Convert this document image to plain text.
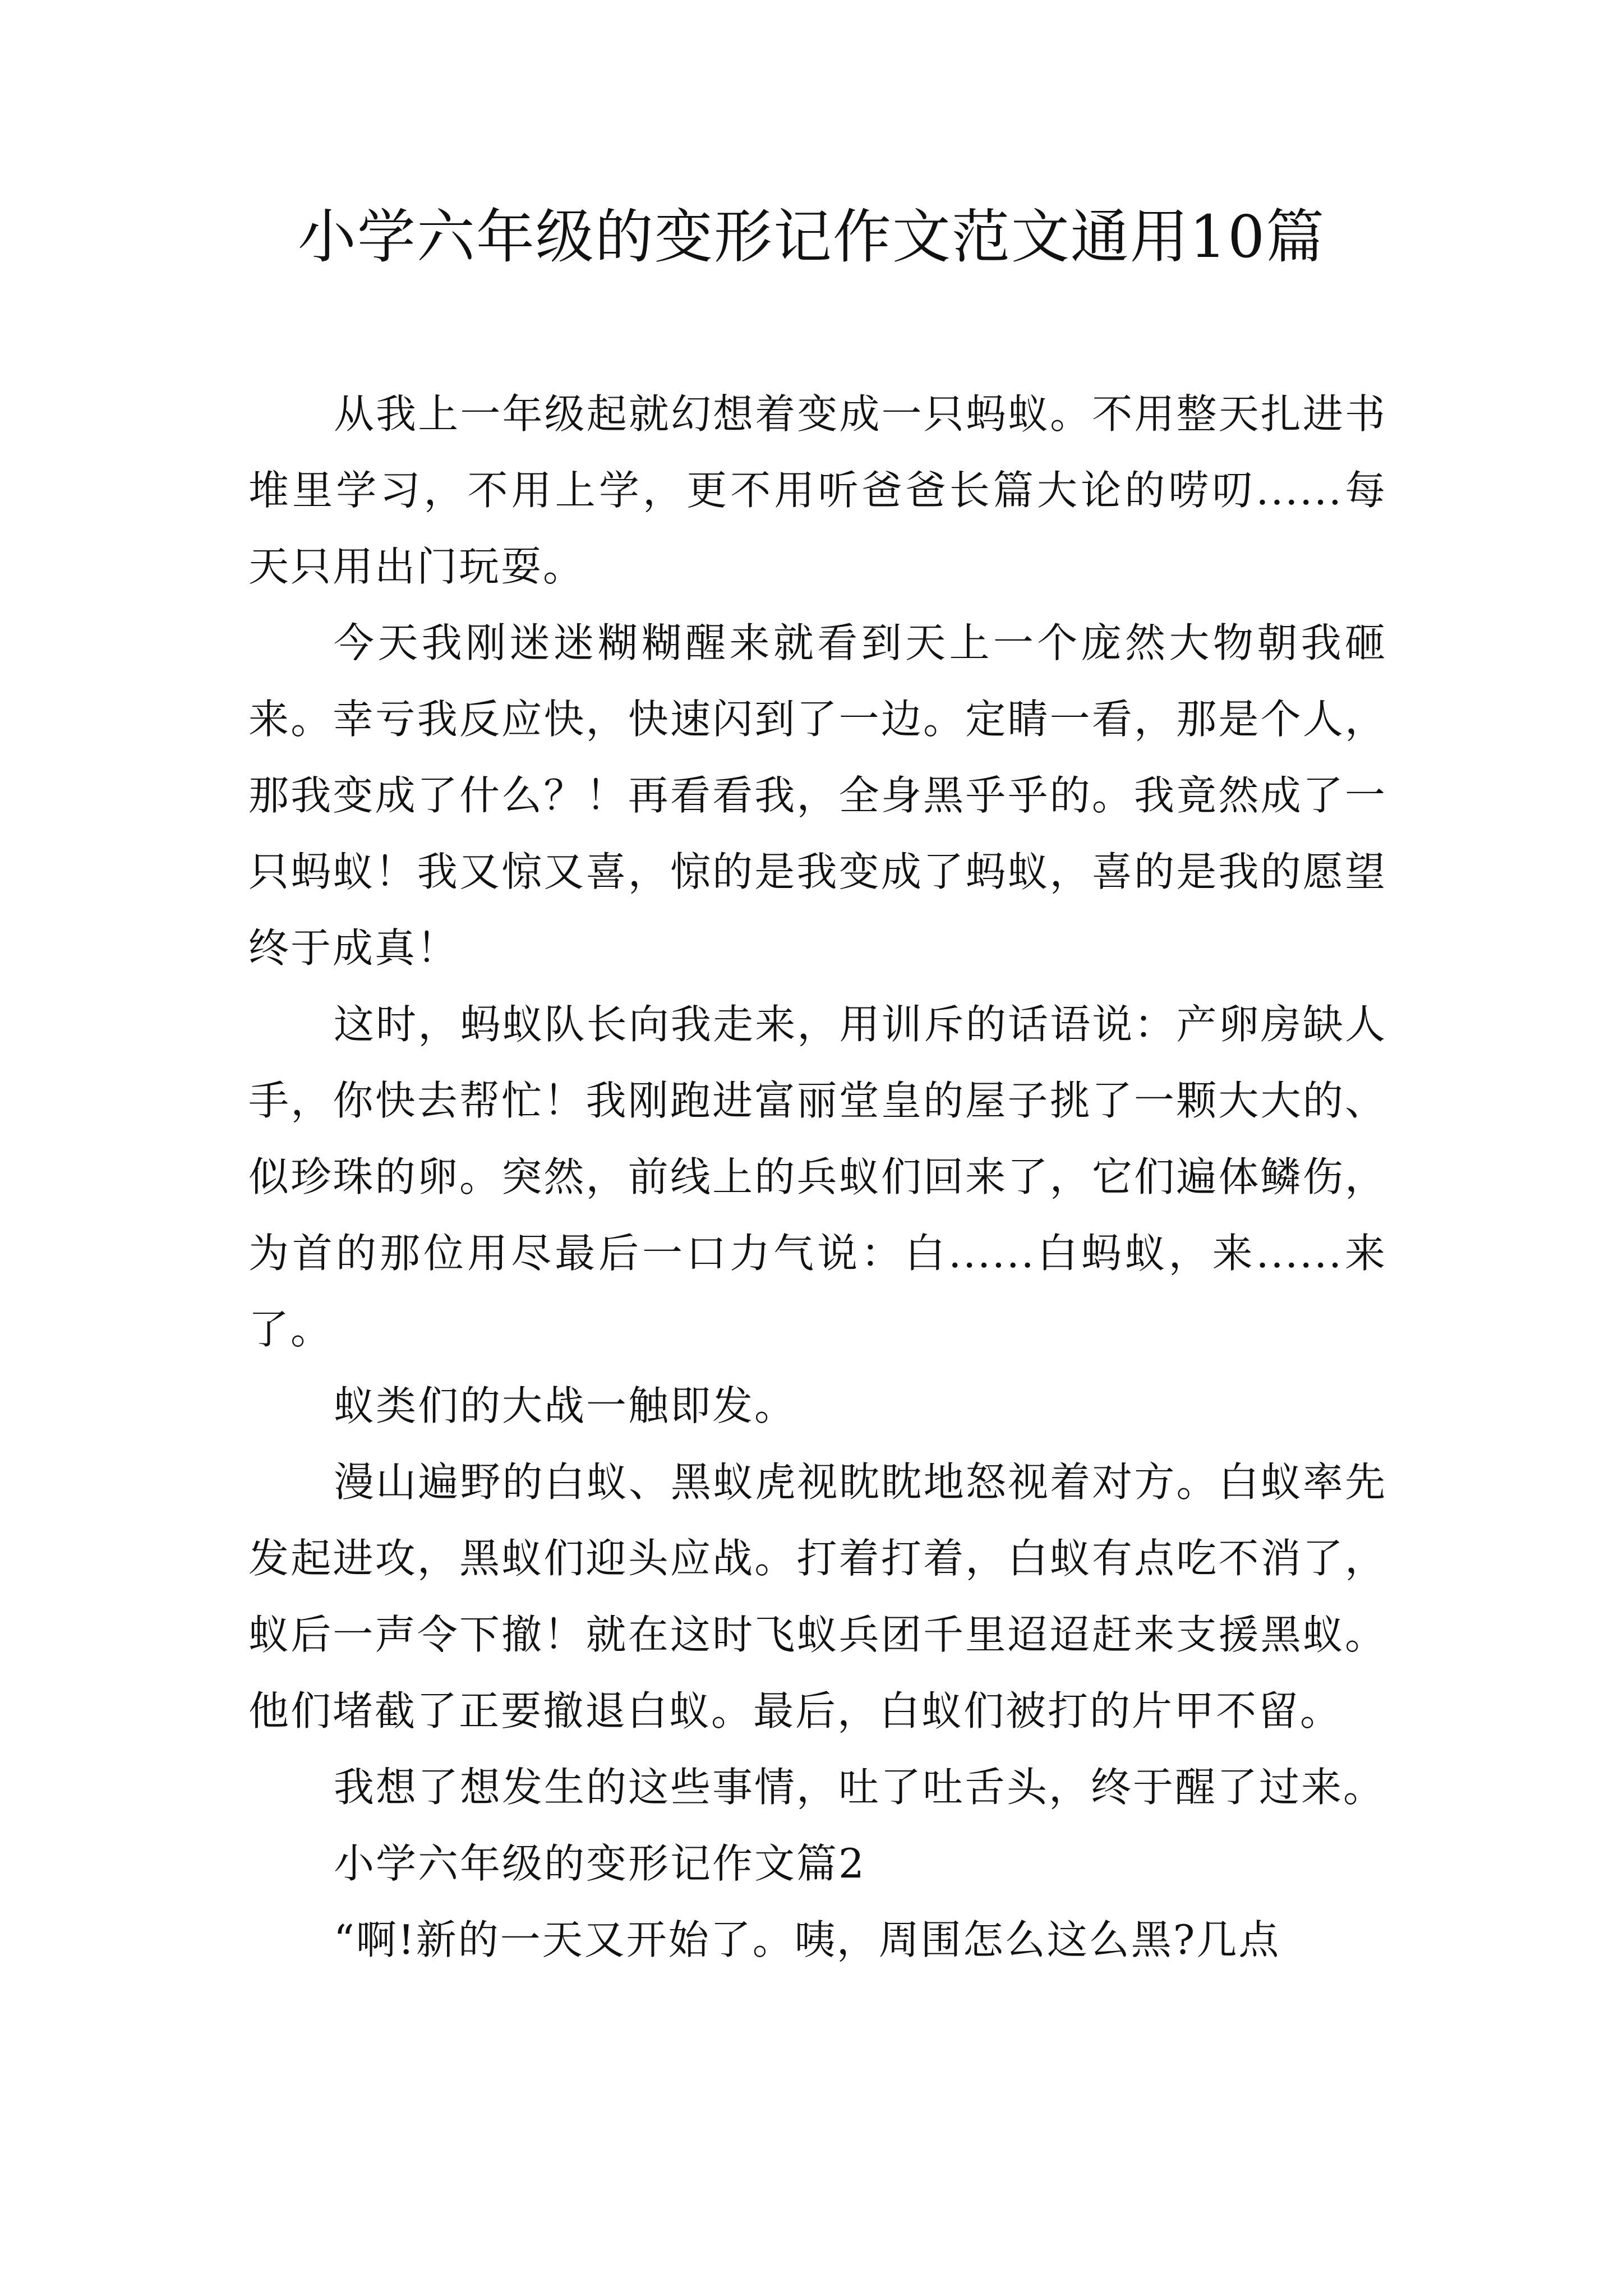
小学六年级的变形记作文范文通用10篇

从我上一年级起就幻想着变成一只蚂蚁。不用整天扎进书堆里学习，不用上学，更不用听爸爸长篇大论的唠叨......每天只用出门玩耍。

今天我刚迷迷糊糊醒来就看到天上一个庞然大物朝我砸来。幸亏我反应快，快速闪到了一边。定睛一看，那是个人，那我变成了什么？！再看看我，全身黑乎乎的。我竟然成了一只蚂蚁！我又惊又喜，惊的是我变成了蚂蚁，喜的是我的愿望终于成真！

这时，蚂蚁队长向我走来，用训斥的话语说：产卵房缺人手，你快去帮忙！我刚跑进富丽堂皇的屋子挑了一颗大大的、似珍珠的卵。突然，前线上的兵蚁们回来了，它们遍体鳞伤，为首的那位用尽最后一口力气说：白......白蚂蚁，来......来了。

蚁类们的大战一触即发。

漫山遍野的白蚁、黑蚁虎视眈眈地怒视着对方。白蚁率先发起进攻，黑蚁们迎头应战。打着打着，白蚁有点吃不消了，蚁后一声令下撤！就在这时飞蚁兵团千里迢迢赶来支援黑蚁。他们堵截了正要撤退白蚁。最后，白蚁们被打的片甲不留。

我想了想发生的这些事情，吐了吐舌头，终于醒了过来。

小学六年级的变形记作文篇2

“啊!新的一天又开始了。咦，周围怎么这么黑?几点
